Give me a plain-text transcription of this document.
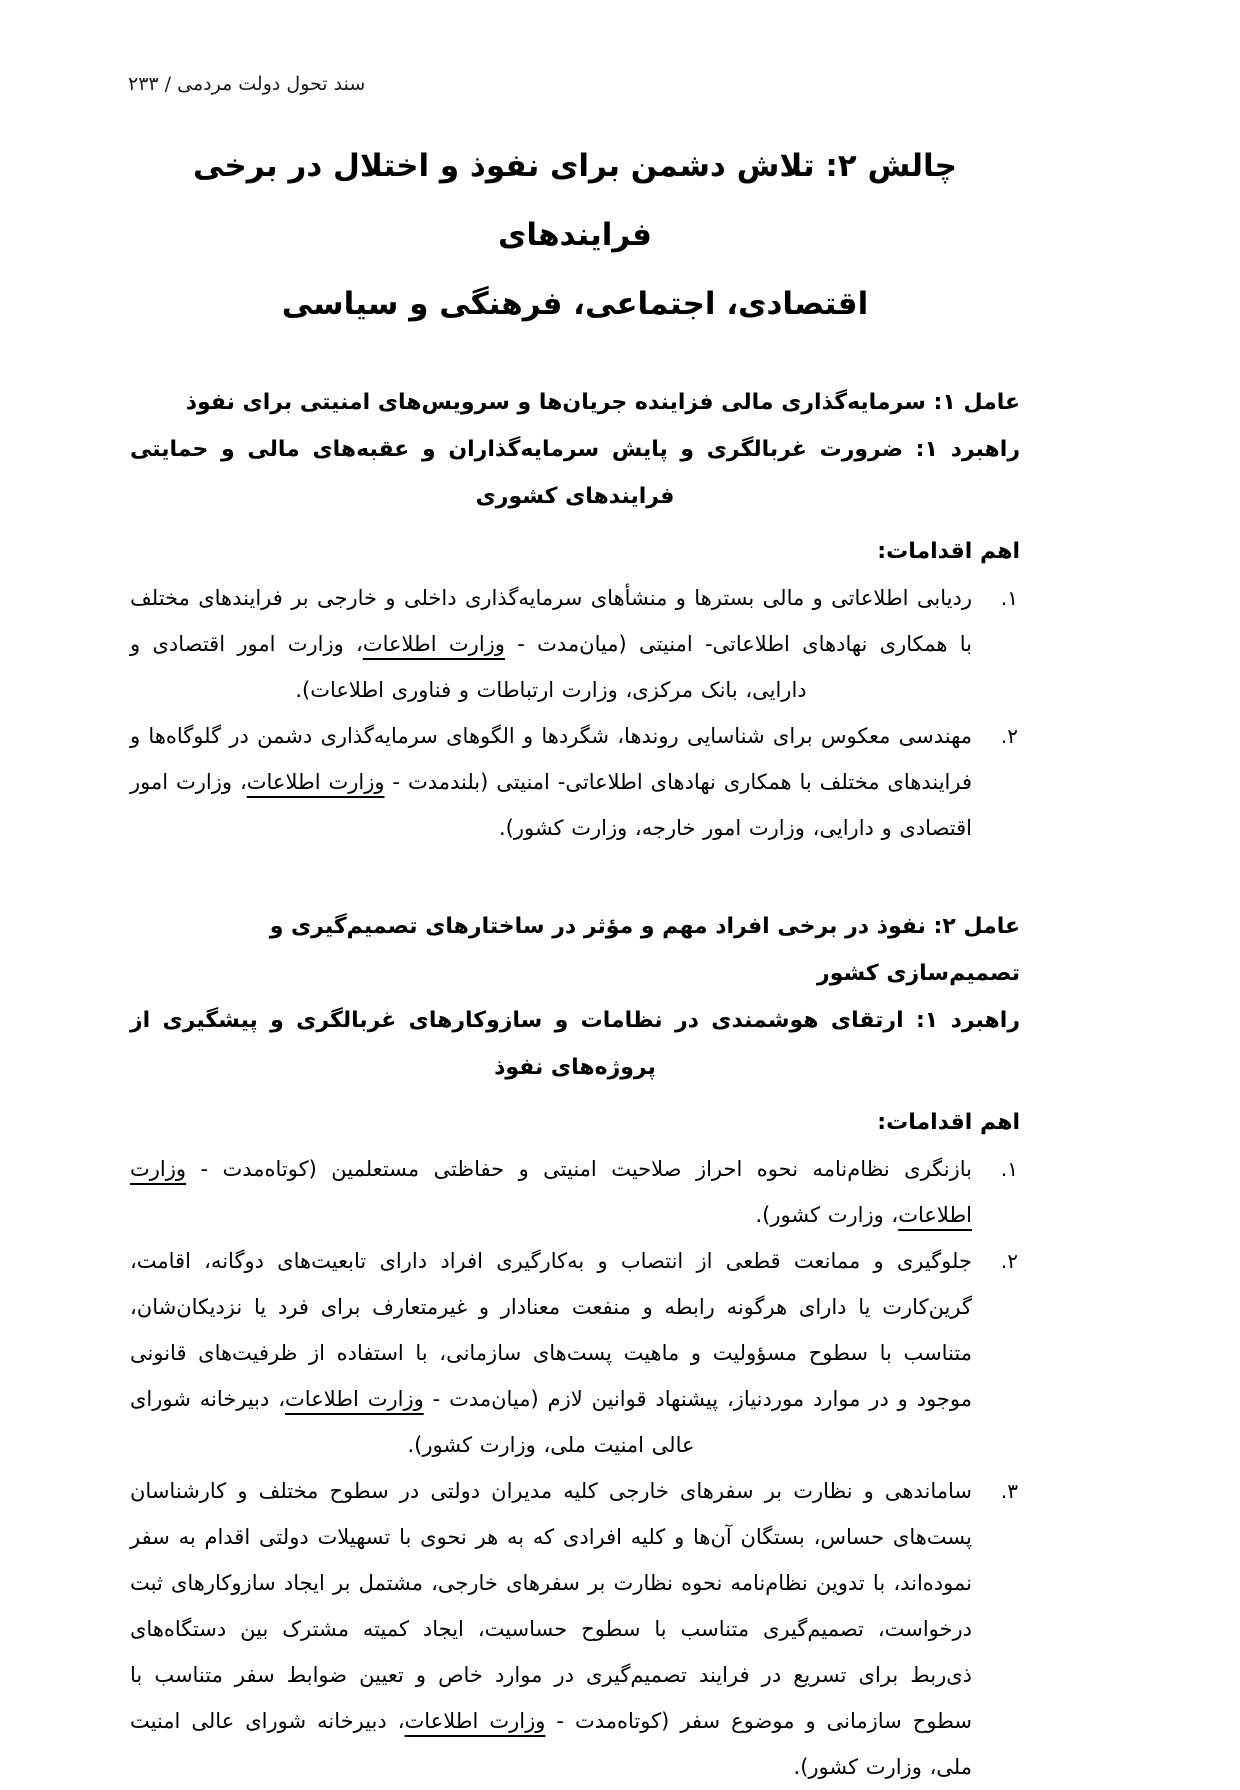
سند تحول دولت مردمی / ۲۳۳
چالش ۲: تلاش دشمن برای نفوذ و اختلال در برخی فرایندهای
اقتصادی، اجتماعی، فرهنگی و سیاسی
عامل ۱: سرمایه‌گذاری مالی فزاینده جریان‌ها و سرویس‌های امنیتی برای نفوذ
راهبرد ۱: ضرورت غربالگری و پایش سرمایه‌گذاران و عقبه‌های مالی و حمایتی فرایندهای کشوری
اهم اقدامات:
۱.
ردیابی اطلاعاتی و مالی بسترها و منشأهای سرمایه‌گذاری داخلی و خارجی بر فرایندهای مختلف با همکاری نهادهای اطلاعاتی- امنیتی (میان‌مدت - وزارت اطلاعات، وزارت امور اقتصادی و دارایی، بانک مرکزی، وزارت ارتباطات و فناوری اطلاعات).
۲.
مهندسی معکوس برای شناسایی روندها، شگردها و الگوهای سرمایه‌گذاری دشمن در گلوگاه‌ها و فرایندهای مختلف با همکاری نهادهای اطلاعاتی- امنیتی (بلندمدت - وزارت اطلاعات، وزارت امور اقتصادی و دارایی، وزارت امور خارجه، وزارت کشور).
عامل ۲: نفوذ در برخی افراد مهم و مؤثر در ساختارهای تصمیم‌گیری و تصمیم‌سازی کشور
راهبرد ۱: ارتقای هوشمندی در نظامات و سازوکارهای غربالگری و پیشگیری از پروژه‌های نفوذ
اهم اقدامات:
۱.
بازنگری نظام‌نامه نحوه احراز صلاحیت امنیتی و حفاظتی مستعلمین (کوتاه‌مدت - وزارت اطلاعات، وزارت کشور).
۲.
جلوگیری و ممانعت قطعی از انتصاب و به‌کارگیری افراد دارای تابعیت‌های دوگانه، اقامت، گرین‌کارت یا دارای هرگونه رابطه و منفعت معنادار و غیرمتعارف برای فرد یا نزدیکان‌شان، متناسب با سطوح مسؤولیت و ماهیت پست‌های سازمانی، با استفاده از ظرفیت‌های قانونی موجود و در موارد موردنیاز، پیشنهاد قوانین لازم (میان‌مدت - وزارت اطلاعات، دبیرخانه شورای عالی امنیت ملی، وزارت کشور).
۳.
ساماندهی و نظارت بر سفرهای خارجی کلیه مدیران دولتی در سطوح مختلف و کارشناسان پست‌های حساس، بستگان آن‌ها و کلیه افرادی که به هر نحوی با تسهیلات دولتی اقدام به سفر نموده‌اند، با تدوین نظام‌نامه نحوه نظارت بر سفرهای خارجی، مشتمل بر ایجاد سازوکارهای ثبت درخواست، تصمیم‌گیری متناسب با سطوح حساسیت، ایجاد کمیته مشترک بین دستگاه‌های ذی‌ربط برای تسریع در فرایند تصمیم‌گیری در موارد خاص و تعیین ضوابط سفر متناسب با سطوح سازمانی و موضوع سفر (کوتاه‌مدت - وزارت اطلاعات، دبیرخانه شورای عالی امنیت ملی، وزارت کشور).
